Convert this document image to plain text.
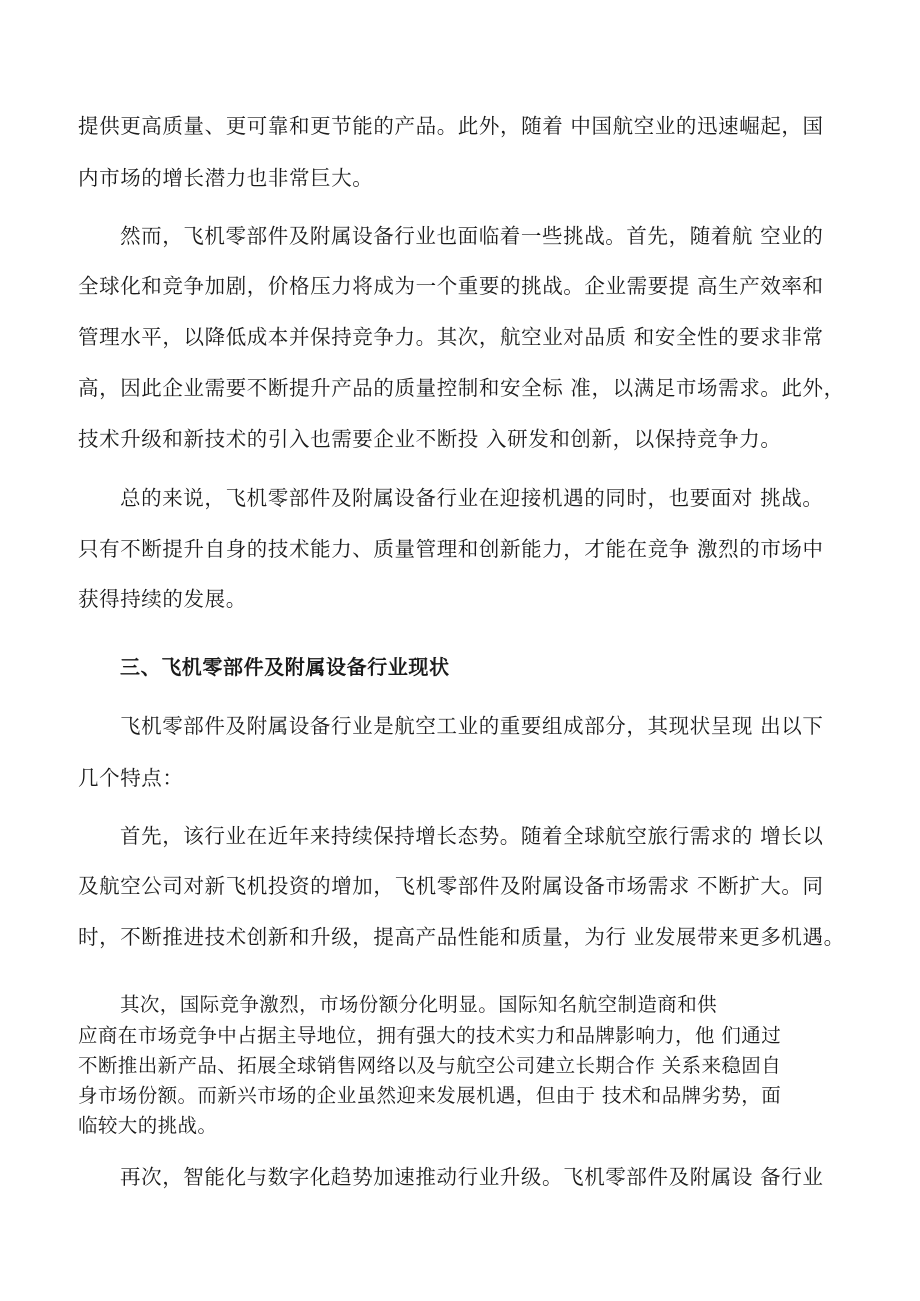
提供更高质量、更可靠和更节能的产品。此外，随着 中国航空业的迅速崛起，国
内市场的增长潜力也非常巨大。
然而，飞机零部件及附属设备行业也面临着一些挑战。首先，随着航 空业的
全球化和竞争加剧，价格压力将成为一个重要的挑战。企业需要提 高生产效率和
管理水平，以降低成本并保持竞争力。其次，航空业对品质 和安全性的要求非常
高，因此企业需要不断提升产品的质量控制和安全标 准，以满足市场需求。此外，
技术升级和新技术的引入也需要企业不断投 入研发和创新，以保持竞争力。
总的来说，飞机零部件及附属设备行业在迎接机遇的同时，也要面对 挑战。
只有不断提升自身的技术能力、质量管理和创新能力，才能在竞争 激烈的市场中
获得持续的发展。
三、飞机零部件及附属设备行业现状
飞机零部件及附属设备行业是航空工业的重要组成部分，其现状呈现 出以下
几个特点：
首先，该行业在近年来持续保持增长态势。随着全球航空旅行需求的 增长以
及航空公司对新飞机投资的增加，飞机零部件及附属设备市场需求 不断扩大。同
时，不断推进技术创新和升级，提高产品性能和质量，为行 业发展带来更多机遇。
其次，国际竞争激烈，市场份额分化明显。国际知名航空制造商和供
应商在市场竞争中占据主导地位，拥有强大的技术实力和品牌影响力，他 们通过
不断推出新产品、拓展全球销售网络以及与航空公司建立长期合作 关系来稳固自
身市场份额。而新兴市场的企业虽然迎来发展机遇，但由于 技术和品牌劣势，面
临较大的挑战。
再次，智能化与数字化趋势加速推动行业升级。飞机零部件及附属设 备行业
